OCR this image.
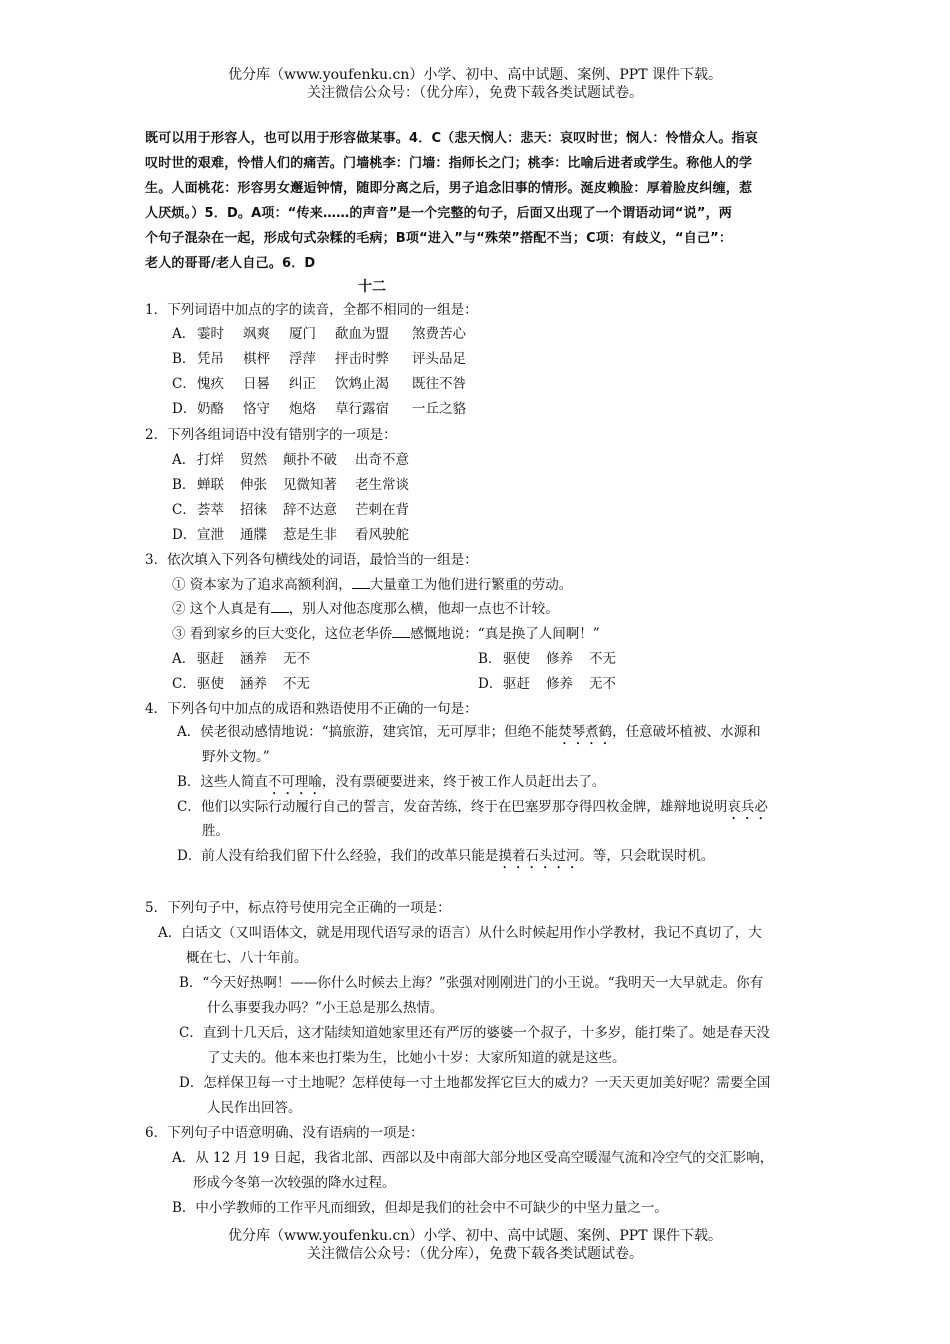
优分库（www.youfenku.cn）小学、初中、高中试题、案例、PPT 课件下载。
关注微信公众号：（优分库），免费下载各类试题试卷。
既可以用于形容人，也可以用于形容做某事。4．C（悲天悯人：悲天：哀叹时世；悯人：怜惜众人。指哀
叹时世的艰难，怜惜人们的痛苦。门墙桃李：门墙：指师长之门；桃李：比喻后进者或学生。称他人的学
生。人面桃花：形容男女邂逅钟情，随即分离之后，男子追念旧事的情形。涎皮赖脸：厚着脸皮纠缠，惹
人厌烦。）5．D。A项：“传来……的声音”是一个完整的句子，后面又出现了一个谓语动词“说”，两
个句子混杂在一起，形成句式杂糅的毛病；B项“进入”与“殊荣”搭配不当；C项：有歧义，“自己”：
老人的哥哥/老人自己。6．D
十二
1．下列词语中加点的字的读音，全都不相同的一组是：
A． 霎时 飒爽 厦门 歃血为盟 煞费苦心
B． 凭吊 棋枰 浮萍 抨击时弊 评头品足
C．愧疚 日晷 纠正 饮鸩止渴 既往不咎
D．奶酪 恪守 炮烙 草行露宿 一丘之貉
2．下列各组词语中没有错别字的一项是：
A． 打烊 贸然 颠扑不破 出奇不意
B． 蝉联 伸张 见微知著 老生常谈
C．荟萃 招徕 辞不达意 芒刺在背
D．宣泄 通牒 惹是生非 看风驶舵
3．依次填入下列各句横线处的词语，最恰当的一组是：
① 资本家为了追求高额利润， 大量童工为他们进行繁重的劳动。
② 这个人真是有 ，别人对他态度那么横，他却一点也不计较。
③ 看到家乡的巨大变化，这位老华侨 感慨地说：“真是换了人间啊！”
A． 驱赶 涵养 无不	B． 驱使 修养 不无
C．驱使 涵养 不无	D．驱赶 修养 无不
4．下列各句中加点的成语和熟语使用不正确的一句是：
A．侯老很动感情地说：“搞旅游，建宾馆，无可厚非；但绝不能焚琴煮鹤，任意破坏植被、水源和
野外文物。”
B．这些人简直不可理喻，没有票硬要进来，终于被工作人员赶出去了。
C．他们以实际行动履行自己的誓言，发奋苦练，终于在巴塞罗那夺得四枚金牌，雄辩地说明哀兵必
胜。
D．前人没有给我们留下什么经验，我们的改革只能是摸着石头过河。等，只会耽误时机。
5．下列句子中，标点符号使用完全正确的一项是：
A．白话文（又叫语体文，就是用现代语写录的语言）从什么时候起用作小学教材，我记不真切了，大
概在七、八十年前。
B．“今天好热啊！——你什么时候去上海？”张强对刚刚进门的小王说。“我明天一大早就走。你有
什么事要我办吗？”小王总是那么热情。
C．直到十几天后，这才陆续知道她家里还有严厉的婆婆一个叔子，十多岁，能打柴了。她是春天没
了丈夫的。他本来也打柴为生，比她小十岁：大家所知道的就是这些。
D．怎样保卫每一寸土地呢？怎样使每一寸土地都发挥它巨大的威力？一天天更加美好呢？需要全国
人民作出回答。
6．下列句子中语意明确、没有语病的一项是：
A．从 12 月 19 日起，我省北部、西部以及中南部大部分地区受高空暖湿气流和冷空气的交汇影响，
形成今冬第一次较强的降水过程。
B．中小学教师的工作平凡而细致，但却是我们的社会中不可缺少的中坚力量之一。
优分库（www.youfenku.cn）小学、初中、高中试题、案例、PPT 课件下载。
关注微信公众号：（优分库），免费下载各类试题试卷。
